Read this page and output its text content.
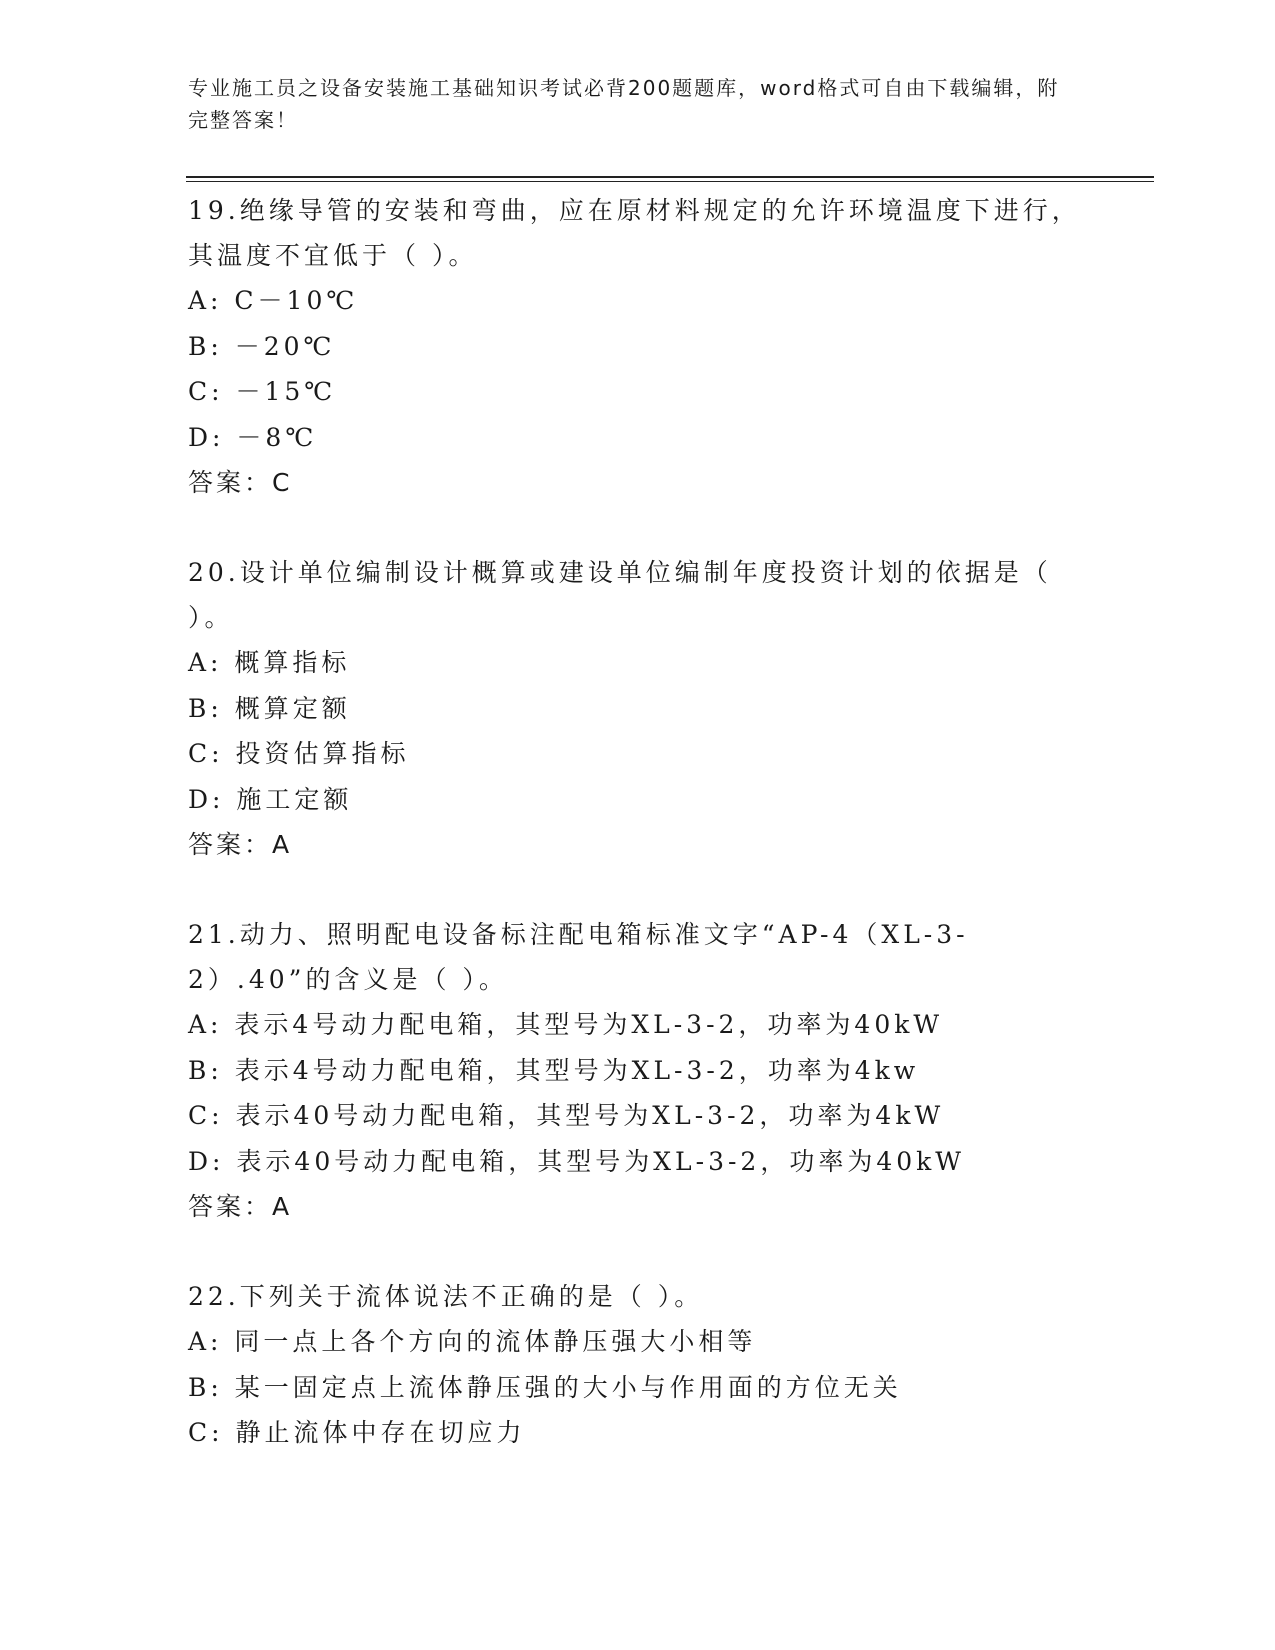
专业施工员之设备安装施工基础知识考试必背200题题库，word格式可自由下载编辑，附完整答案！
19.绝缘导管的安装和弯曲，应在原材料规定的允许环境温度下进行，其温度不宜低于（ ）。
A: C－10℃
B: －20℃
C: －15℃
D: －8℃
答案：C
20.设计单位编制设计概算或建设单位编制年度投资计划的依据是（ ）。
A: 概算指标
B: 概算定额
C: 投资估算指标
D: 施工定额
答案：A
21.动力、照明配电设备标注配电箱标准文字“AP-4（XL-3-2）.40”的含义是（ ）。
A: 表示4号动力配电箱，其型号为XL-3-2，功率为40kW
B: 表示4号动力配电箱，其型号为XL-3-2，功率为4kw
C: 表示40号动力配电箱，其型号为XL-3-2，功率为4kW
D: 表示40号动力配电箱，其型号为XL-3-2，功率为40kW
答案：A
22.下列关于流体说法不正确的是（ ）。
A: 同一点上各个方向的流体静压强大小相等
B: 某一固定点上流体静压强的大小与作用面的方位无关
C: 静止流体中存在切应力
